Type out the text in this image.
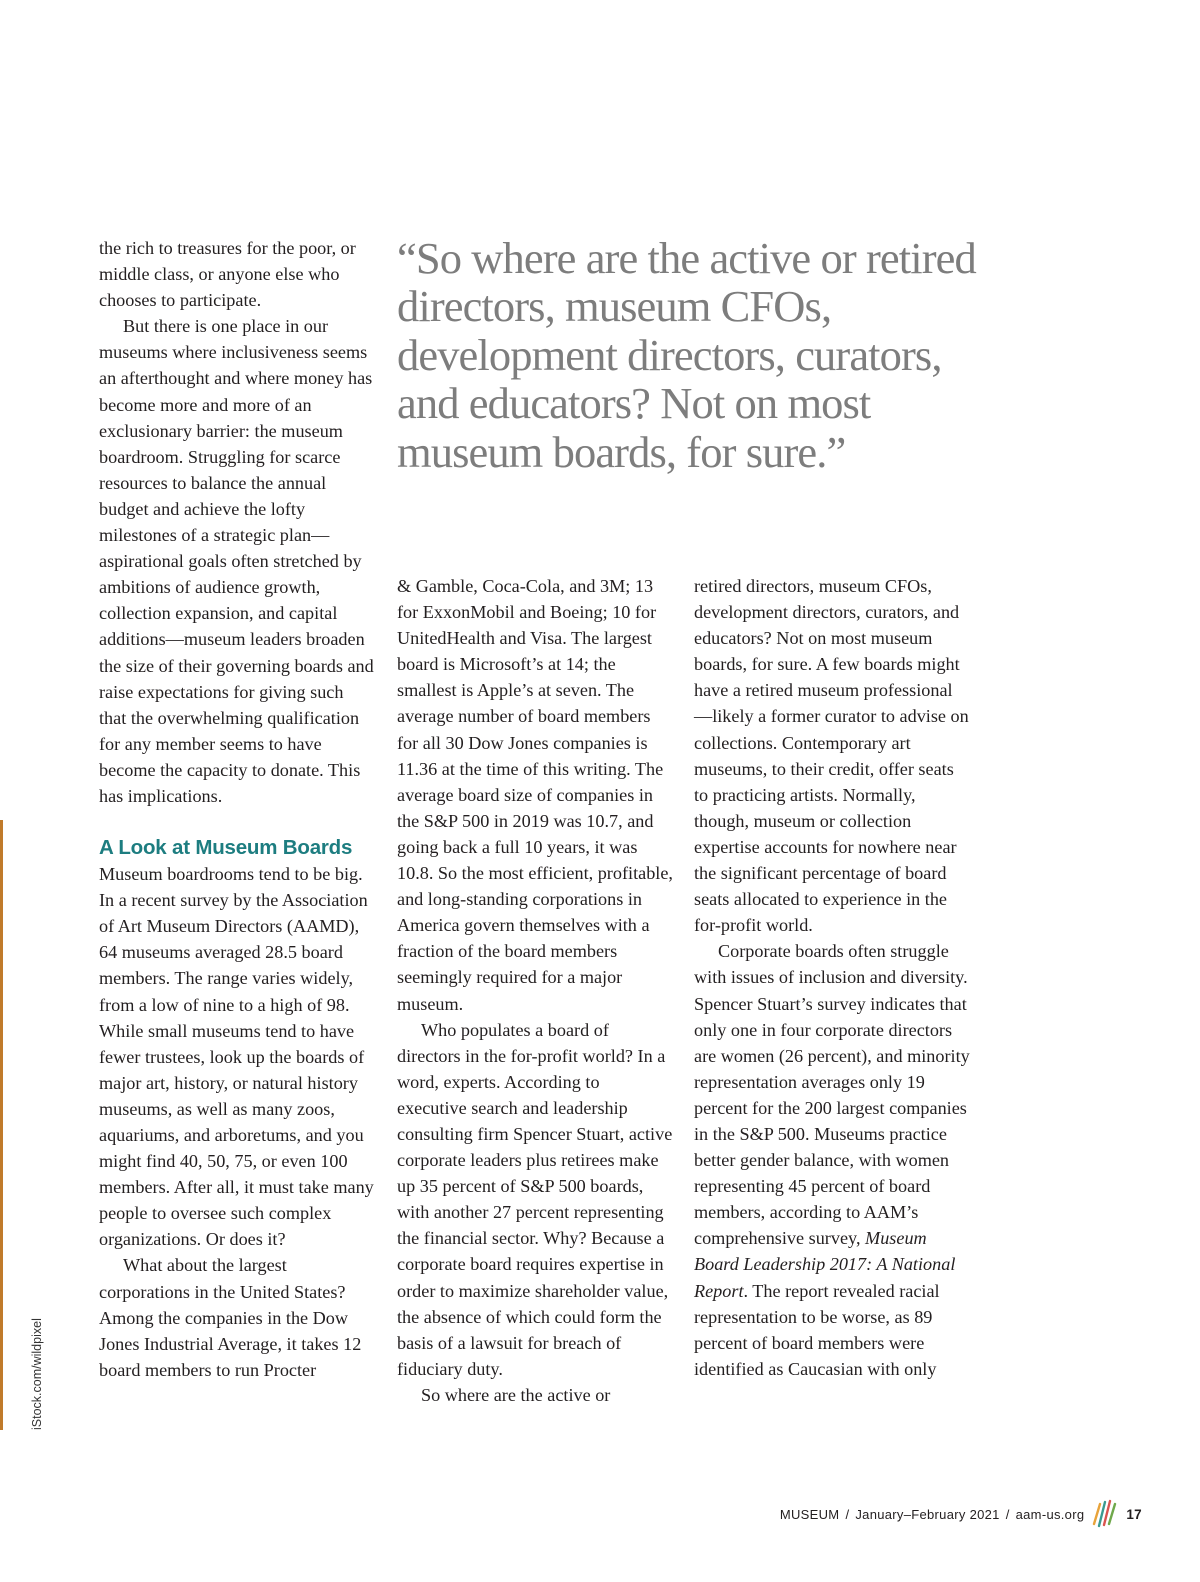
“So where are the active or retired directors, museum CFOs, development directors, curators, and educators? Not on most museum boards, for sure.”

the rich to treasures for the poor, or middle class, or anyone else who chooses to participate.

But there is one place in our museums where inclusiveness seems an afterthought and where money has become more and more of an exclusionary barrier: the museum boardroom. Struggling for scarce resources to balance the annual budget and achieve the lofty milestones of a strategic plan—aspirational goals often stretched by ambitions of audience growth, collection expansion, and capital additions—museum leaders broaden the size of their governing boards and raise expectations for giving such that the overwhelming qualification for any member seems to have become the capacity to donate. This has implications.

A Look at Museum Boards

Museum boardrooms tend to be big. In a recent survey by the Association of Art Museum Directors (AAMD), 64 museums averaged 28.5 board members. The range varies widely, from a low of nine to a high of 98. While small museums tend to have fewer trustees, look up the boards of major art, history, or natural history museums, as well as many zoos, aquariums, and arboretums, and you might find 40, 50, 75, or even 100 members. After all, it must take many people to oversee such complex organizations. Or does it?

What about the largest corporations in the United States? Among the companies in the Dow Jones Industrial Average, it takes 12 board members to run Procter

& Gamble, Coca-Cola, and 3M; 13 for ExxonMobil and Boeing; 10 for UnitedHealth and Visa. The largest board is Microsoft’s at 14; the smallest is Apple’s at seven. The average number of board members for all 30 Dow Jones companies is 11.36 at the time of this writing. The average board size of companies in the S&P 500 in 2019 was 10.7, and going back a full 10 years, it was 10.8. So the most efficient, profitable, and long-standing corporations in America govern themselves with a fraction of the board members seemingly required for a major museum.

Who populates a board of directors in the for-profit world? In a word, experts. According to executive search and leadership consulting firm Spencer Stuart, active corporate leaders plus retirees make up 35 percent of S&P 500 boards, with another 27 percent representing the financial sector. Why? Because a corporate board requires expertise in order to maximize shareholder value, the absence of which could form the basis of a lawsuit for breach of fiduciary duty.

So where are the active or

retired directors, museum CFOs, development directors, curators, and educators? Not on most museum boards, for sure. A few boards might have a retired museum professional—likely a former curator to advise on collections. Contemporary art museums, to their credit, offer seats to practicing artists. Normally, though, museum or collection expertise accounts for nowhere near the significant percentage of board seats allocated to experience in the for-profit world.

Corporate boards often struggle with issues of inclusion and diversity. Spencer Stuart’s survey indicates that only one in four corporate directors are women (26 percent), and minority representation averages only 19 percent for the 200 largest companies in the S&P 500. Museums practice better gender balance, with women representing 45 percent of board members, according to AAM’s comprehensive survey, Museum Board Leadership 2017: A National Report. The report revealed racial representation to be worse, as 89 percent of board members were identified as Caucasian with only

iStock.com/wildpixel
MUSEUM / January–February 2021 / aam-us.org	17
